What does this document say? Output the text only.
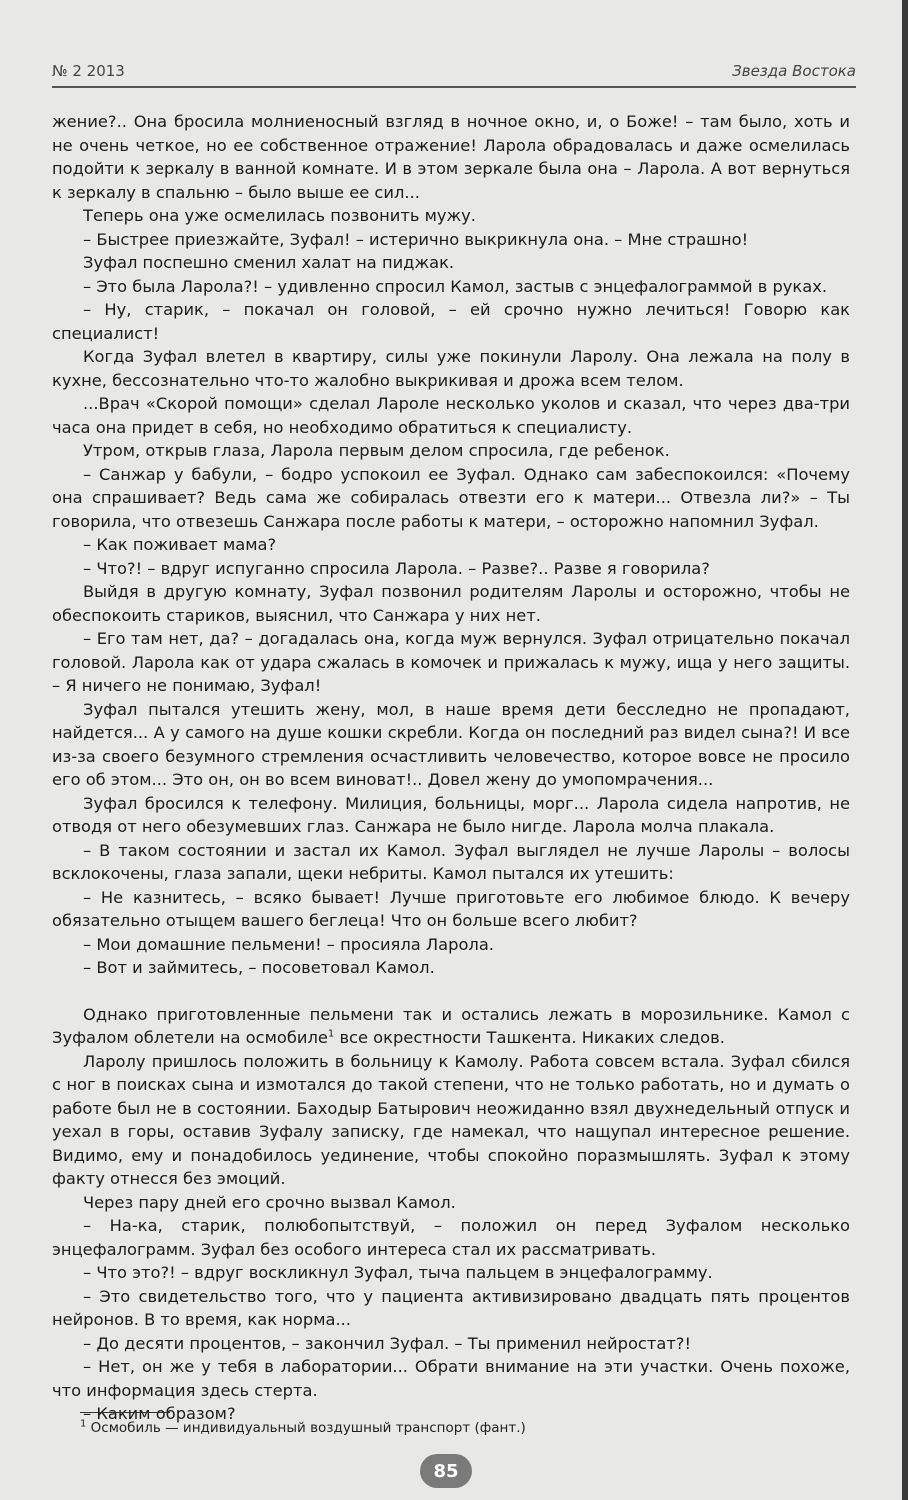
№ 2 2013	Звезда Востока

жение?.. Она бросила молниеносный взгляд в ночное окно, и, о Боже! – там было, хоть и не очень четкое, но ее собственное отражение! Ларола обрадовалась и даже осмелилась подойти к зеркалу в ванной комнате. И в этом зеркале была она – Ларола. А вот вернуться к зеркалу в спальню – было выше ее сил...

Теперь она уже осмелилась позвонить мужу.

– Быстрее приезжайте, Зуфал! – истерично выкрикнула она. – Мне страшно!

Зуфал поспешно сменил халат на пиджак.

– Это была Ларола?! – удивленно спросил Камол, застыв с энцефалограммой в руках.

– Ну, старик, – покачал он головой, – ей срочно нужно лечиться! Говорю как специалист!

Когда Зуфал влетел в квартиру, силы уже покинули Ларолу. Она лежала на полу в кухне, бессознательно что-то жалобно выкрикивая и дрожа всем телом.

...Врач «Скорой помощи» сделал Ларолe несколько уколов и сказал, что через два-три часа она придет в себя, но необходимо обратиться к специалисту.

Утром, открыв глаза, Ларола первым делом спросила, где ребенок.

– Санжар у бабули, – бодро успокоил ее Зуфал. Однако сам забеспокоился: «Почему она спрашивает? Ведь сама же собиралась отвезти его к матери... Отвезла ли?» – Ты говорила, что отвезешь Санжара после работы к матери, – осторожно напомнил Зуфал.

– Как поживает мама?

– Что?! – вдруг испуганно спросила Ларола. – Разве?.. Разве я говорила?

Выйдя в другую комнату, Зуфал позвонил родителям Ларолы и осторожно, чтобы не обеспокоить стариков, выяснил, что Санжара у них нет.

– Его там нет, да? – догадалась она, когда муж вернулся. Зуфал отрицательно покачал головой. Ларола как от удара сжалась в комочек и прижалась к мужу, ища у него защиты. – Я ничего не понимаю, Зуфал!

Зуфал пытался утешить жену, мол, в наше время дети бесследно не пропадают, найдется... А у самого на душе кошки скребли. Когда он последний раз видел сына?! И все из-за своего безумного стремления осчастливить человечество, которое вовсе не просило его об этом... Это он, он во всем виноват!.. Довел жену до умопомрачения...

Зуфал бросился к телефону. Милиция, больницы, морг... Ларола сидела напротив, не отводя от него обезумевших глаз. Санжара не было нигде. Ларола молча плакала.

– В таком состоянии и застал их Камол. Зуфал выглядел не лучше Ларолы – волосы всклокочены, глаза запали, щеки небриты. Камол пытался их утешить:

– Не казнитесь, – всяко бывает! Лучше приготовьте его любимое блюдо. К вечеру обязательно отыщем вашего беглеца! Что он больше всего любит?

– Мои домашние пельмени! – просияла Ларола.

– Вот и займитесь, – посоветовал Камол.

Однако приготовленные пельмени так и остались лежать в морозильнике. Камол с Зуфалом облетели на осмобиле$^1$ все окрестности Ташкента. Никаких следов.

Ларолу пришлось положить в больницу к Камолу. Работа совсем встала. Зуфал сбился с ног в поисках сына и измотался до такой степени, что не только работать, но и думать о работе был не в состоянии. Баходыр Батырович неожиданно взял двухнедельный отпуск и уехал в горы, оставив Зуфалу записку, где намекал, что нащупал интересное решение. Видимо, ему и понадобилось уединение, чтобы спокойно поразмышлять. Зуфал к этому факту отнесся без эмоций.

Через пару дней его срочно вызвал Камол.

– На-ка, старик, полюбопытствуй, – положил он перед Зуфалом несколько энцефалограмм. Зуфал без особого интереса стал их рассматривать.

– Что это?! – вдруг воскликнул Зуфал, тыча пальцем в энцефалограмму.

– Это свидетельство того, что у пациента активизировано двадцать пять процентов нейронов. В то время, как норма...

– До десяти процентов, – закончил Зуфал. – Ты применил нейростат?!

– Нет, он же у тебя в лаборатории... Обрати внимание на эти участки. Очень похоже, что информация здесь стерта.

– Каким образом?

$^1$ Осмобиль — индивидуальный воздушный транспорт (фант.)
85
